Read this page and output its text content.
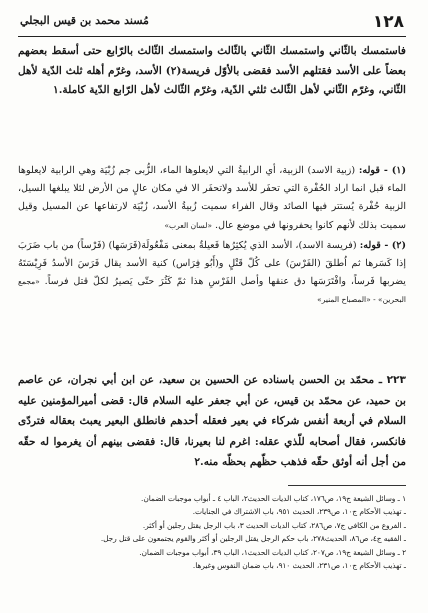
١٢٨
مُسند محمد بن قيس البجلي
فاستمسك بالثّاني واستمسك الثّاني بالثّالث واستمسك الثّالث بالرّابع حتى أسقط بعضهم بعضاً على الأسد فقتلهم الأسد فقضى بالأوّل فريسة(٢) الأسد، وغرّم أهله ثلث الدّية لأهل الثّاني، وغرّم الثّاني لأهل الثّالث ثلثي الدّية، وغرّم الثّالث لأهل الرّابع الدّية كاملة.١

(١) - قوله: (زبية الاسد) الزبية، أي الرابيةُ التي لايعلوها الماء، الزُّبى جم زُبْيَة وهي الرابية لايعلوها الماء قبل انما اراد الحُفْرة التي تحفَر للأسد ولاتحفَر الا في مكان عالٍ من الأرض لئلا يبلغها السيل، الزبية حُفْرة يُستتر فيها الصائد وقال الفراء سميت زُبيةُ الأسد، زُبْيَة لارتفاعها عن المسيل وقيل سميت بذلك لأنهم كانوا يحفرونها في موضع عال. «لسان العرب»

(٢) - قوله: (فريسة الاسد)، الأسد الذي يُكثِرُها فَعيلةٌ بمعنى مَفْعُولَة(فَرَسَها) (فَرْساً) من باب ضَرَبَ إذا كَسَرها ثم اُطلقَ (الفَرْسَ) على كُلّ قَتْلٍ و(أَبُو فِرَاس) كنية الأسد يقال فَرَسَ الأسدُ فَرِيْسَتَهُ يضربها فَرساً، وافْتَرَسَها دق عنقها وأصل الفَرْسِ هذا ثمّ كَثُرَ حتّى يَصيرُ لكلّ قتل فرساً. «مجمع البحرين» - «المصباح المنير»

٢٢٣ ـ محمّد بن الحسن باسناده عن الحسين بن سعيد، عن ابن أبي نجران، عن عاصم بن حميد، عن محمّد بن قيس، عن أبي جعفر عليه السلام قال: قضى أميرالمؤمنين عليه السلام في أربعة أنفس شركاء في بعير فعقله أحدهم فانطلق البعير يعبث بعقاله فتردّى فانكسر، فقال أصحابه للّذي عقله: اغرم لنا بعيرنا، قال: فقضى بينهم أن يغرموا له حقّه من أجل أنه أوثق حقّه فذهب حظّهم بحظّه منه.٢
١ ـ وسائل الشيعة ج١٩، ص١٧٦، كتاب الديات الحديث٢، الباب ٤ ـ أبواب موجبات الضمان.
ـ تهذيب الأحكام ج١٠، ص٢٣٩، الحديث ٩٥١، باب الاشتراك في الجنايات.
ـ الفروع من الكافي ج٧، ص٢٨٦، كتاب الديات الحديث ٣، باب الرجل يقتل رجلين أو أكثر.
ـ الفقيه ج٤، ص٨٦، الحديث٢٧٨، باب حكم الرجل يقتل الرجلين أو أكثر والقوم يجتمعون على قتل رجل.
٢ ـ وسائل الشيعة ج١٩، ص٢٠٧، كتاب الديات الحديث١، الباب ٣٩، أبواب موجبات الضمان.
ـ تهذيب الأحكام ج١٠، ص٢٣١، الحديث ٩١٠، باب ضمان النفوس وغيرها.
